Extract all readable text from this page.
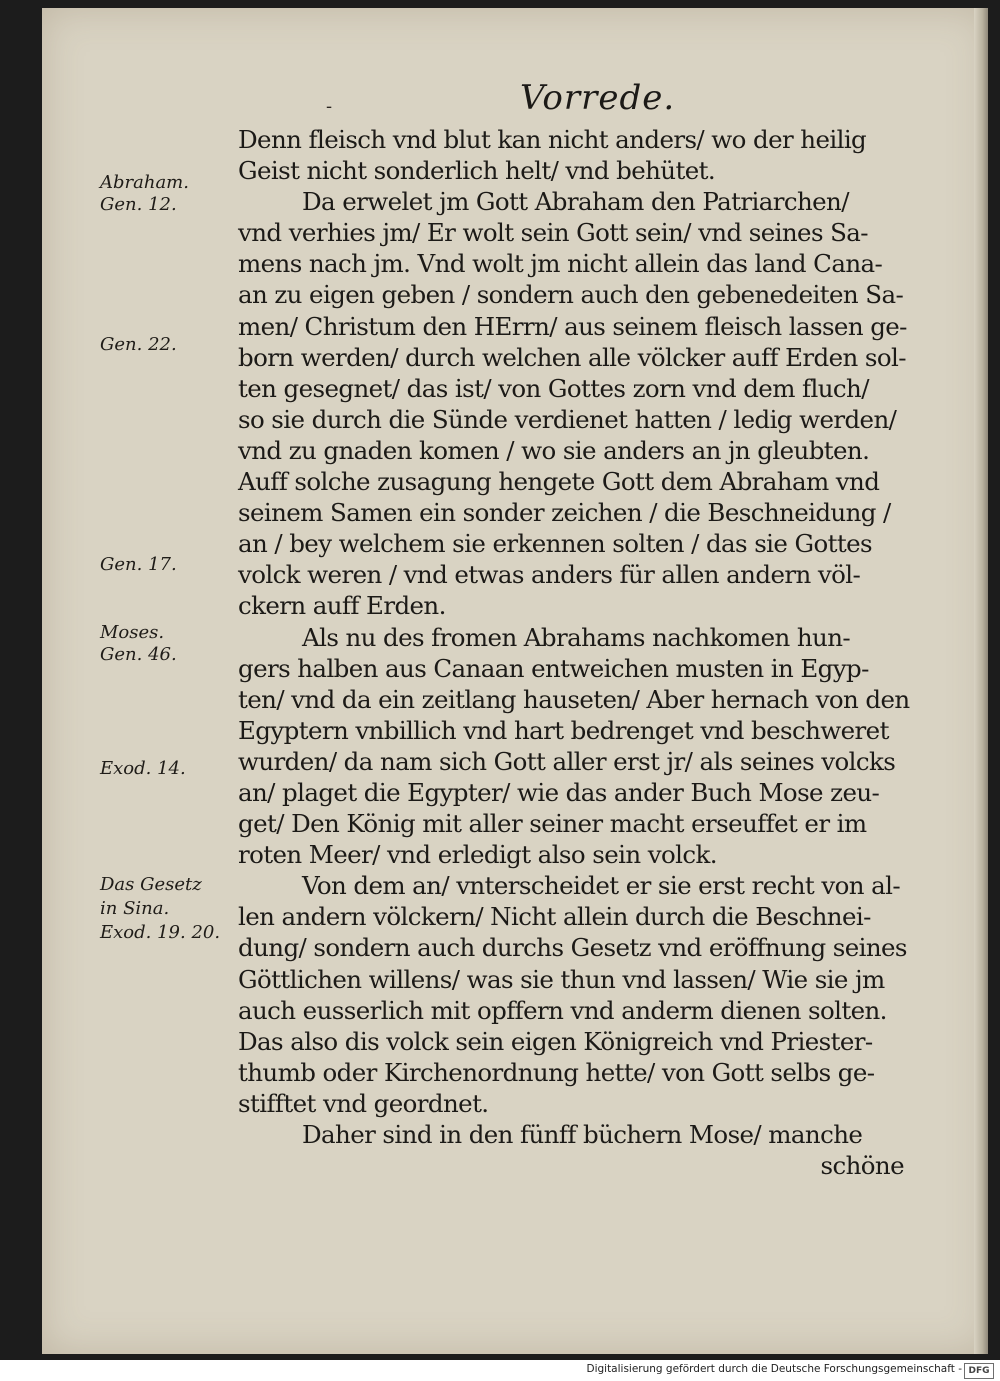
-	Vorrede.
Abraham.
Gen. 12.
Gen. 22.
Gen. 17.
Moses.
Gen. 46.
Exod. 14.
Das Gesetz
in Sina.
Exod. 19. 20.
Denn fleisch vnd blut kan nicht anders/ wo der heilig
Geist nicht sonderlich helt/ vnd behütet.
Da erwelet jm Gott Abraham den Patriarchen/
vnd verhies jm/ Er wolt sein Gott sein/ vnd seines Sa-
mens nach jm. Vnd wolt jm nicht allein das land Cana-
an zu eigen geben / sondern auch den gebenedeiten Sa-
men/ Christum den HErrn/ aus seinem fleisch lassen ge-
born werden/ durch welchen alle völcker auff Erden sol-
ten gesegnet/ das ist/ von Gottes zorn vnd dem fluch/
so sie durch die Sünde verdienet hatten / ledig werden/
vnd zu gnaden komen / wo sie anders an jn gleubten.
Auff solche zusagung hengete Gott dem Abraham vnd
seinem Samen ein sonder zeichen / die Beschneidung /
an / bey welchem sie erkennen solten / das sie Gottes
volck weren / vnd etwas anders für allen andern völ-
ckern auff Erden.
Als nu des fromen Abrahams nachkomen hun-
gers halben aus Canaan entweichen musten in Egyp-
ten/ vnd da ein zeitlang hauseten/ Aber hernach von den
Egyptern vnbillich vnd hart bedrenget vnd beschweret
wurden/ da nam sich Gott aller erst jr/ als seines volcks
an/ plaget die Egypter/ wie das ander Buch Mose zeu-
get/ Den König mit aller seiner macht erseuffet er im
roten Meer/ vnd erledigt also sein volck.
Von dem an/ vnterscheidet er sie erst recht von al-
len andern völckern/ Nicht allein durch die Beschnei-
dung/ sondern auch durchs Gesetz vnd eröffnung seines
Göttlichen willens/ was sie thun vnd lassen/ Wie sie jm
auch eusserlich mit opffern vnd anderm dienen solten.
Das also dis volck sein eigen Königreich vnd Priester-
thumb oder Kirchenordnung hette/ von Gott selbs ge-
stifftet vnd geordnet.
Daher sind in den fünff büchern Mose/ manche
schöne
Digitalisierung gefördert durch die Deutsche Forschungsgemeinschaft - DFG
